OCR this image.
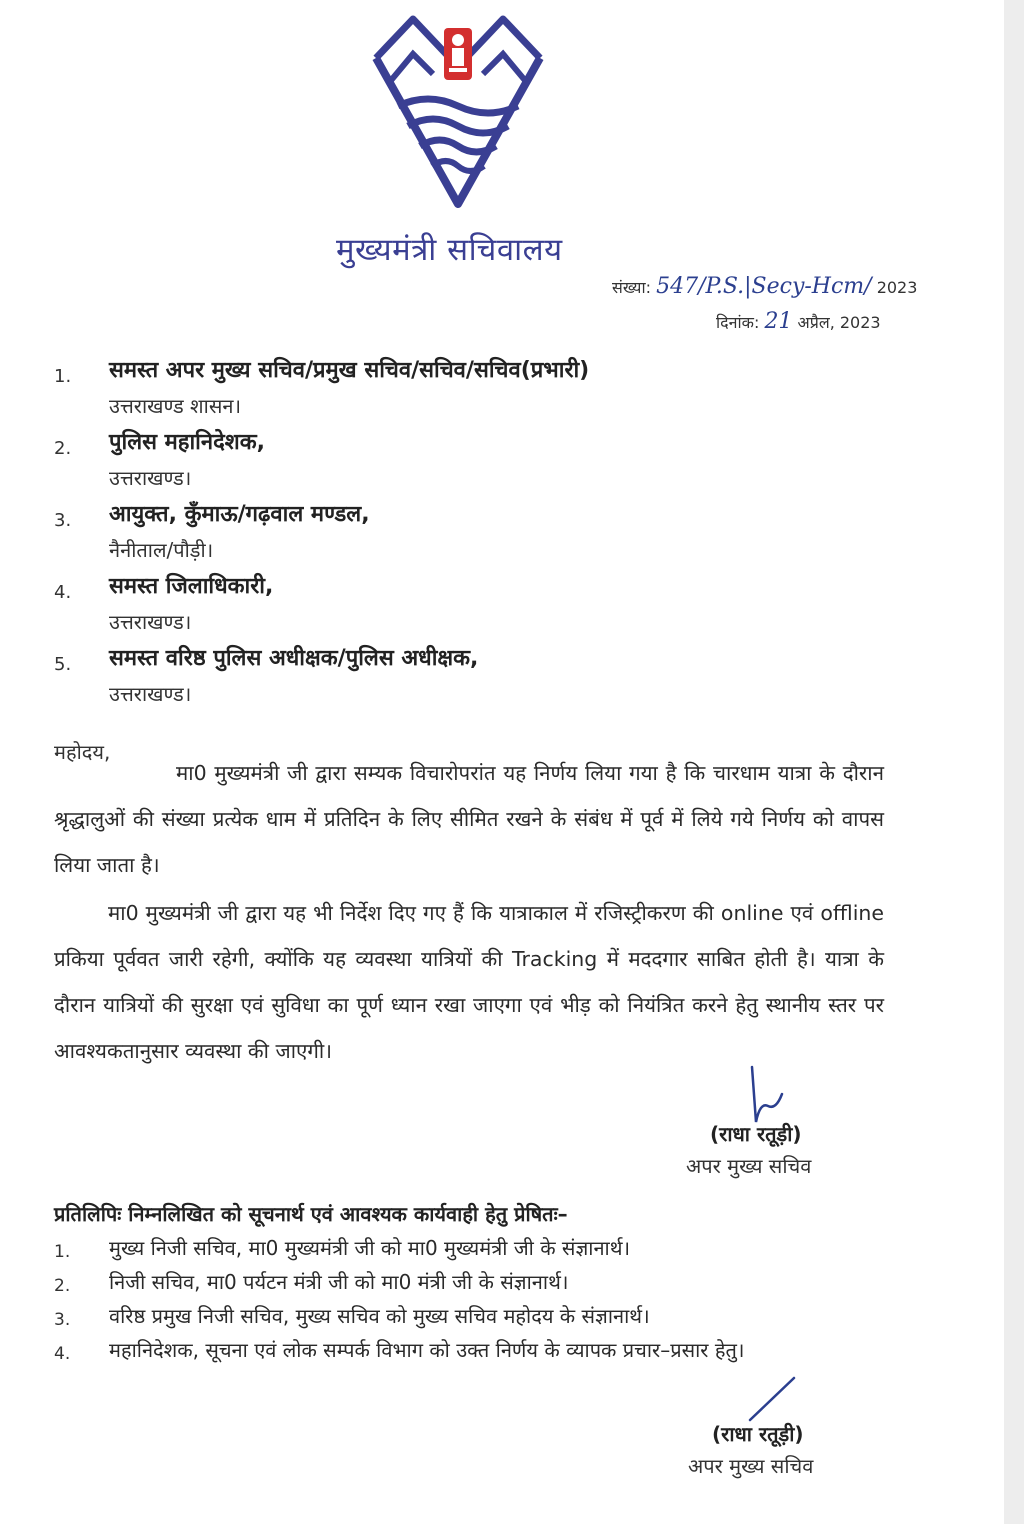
मुख्यमंत्री सचिवालय
संख्या: 547/P.S.|Secy-Hcm/ 2023
दिनांक: 21 अप्रैल, 2023
1. समस्त अपर मुख्य सचिव/प्रमुख सचिव/सचिव/सचिव(प्रभारी)
उत्तराखण्ड शासन।
2. पुलिस महानिदेशक,
उत्तराखण्ड।
3. आयुक्त, कुँमाऊ/गढ़वाल मण्डल,
नैनीताल/पौड़ी।
4. समस्त जिलाधिकारी,
उत्तराखण्ड।
5. समस्त वरिष्ठ पुलिस अधीक्षक/पुलिस अधीक्षक,
उत्तराखण्ड।
महोदय,
मा0 मुख्यमंत्री जी द्वारा सम्यक विचारोपरांत यह निर्णय लिया गया है कि चारधाम यात्रा के दौरान श्रृद्धालुओं की संख्या प्रत्येक धाम में प्रतिदिन के लिए सीमित रखने के संबंध में पूर्व में लिये गये निर्णय को वापस लिया जाता है।
मा0 मुख्यमंत्री जी द्वारा यह भी निर्देश दिए गए हैं कि यात्राकाल में रजिस्ट्रीकरण की online एवं offline प्रकिया पूर्ववत जारी रहेगी, क्योंकि यह व्यवस्था यात्रियों की Tracking में मददगार साबित होती है। यात्रा के दौरान यात्रियों की सुरक्षा एवं सुविधा का पूर्ण ध्यान रखा जाएगा एवं भीड़ को नियंत्रित करने हेतु स्थानीय स्तर पर आवश्यकतानुसार व्यवस्था की जाएगी।
(राधा रतूड़ी)
अपर मुख्य सचिव
प्रतिलिपिः निम्नलिखित को सूचनार्थ एवं आवश्यक कार्यवाही हेतु प्रेषितः–
1. मुख्य निजी सचिव, मा0 मुख्यमंत्री जी को मा0 मुख्यमंत्री जी के संज्ञानार्थ।
2. निजी सचिव, मा0 पर्यटन मंत्री जी को मा0 मंत्री जी के संज्ञानार्थ।
3. वरिष्ठ प्रमुख निजी सचिव, मुख्य सचिव को मुख्य सचिव महोदय के संज्ञानार्थ।
4. महानिदेशक, सूचना एवं लोक सम्पर्क विभाग को उक्त निर्णय के व्यापक प्रचार–प्रसार हेतु।
(राधा रतूड़ी)
अपर मुख्य सचिव
